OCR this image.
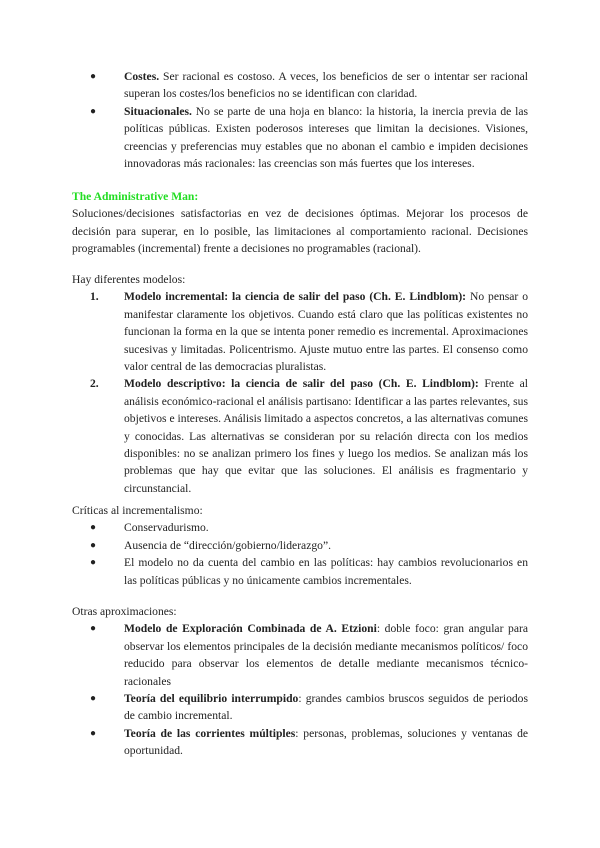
● Costes. Ser racional es costoso. A veces, los beneficios de ser o intentar ser racional superan los costes/los beneficios no se identifican con claridad.
● Situacionales. No se parte de una hoja en blanco: la historia, la inercia previa de las políticas públicas. Existen poderosos intereses que limitan la decisiones. Visiones, creencias y preferencias muy estables que no abonan el cambio e impiden decisiones innovadoras más racionales: las creencias son más fuertes que los intereses.

The Administrative Man:

Soluciones/decisiones satisfactorias en vez de decisiones óptimas. Mejorar los procesos de decisión para superar, en lo posible, las limitaciones al comportamiento racional. Decisiones programables (incremental) frente a decisiones no programables (racional).

Hay diferentes modelos:

1. Modelo incremental: la ciencia de salir del paso (Ch. E. Lindblom): No pensar o manifestar claramente los objetivos. Cuando está claro que las políticas existentes no funcionan la forma en la que se intenta poner remedio es incremental. Aproximaciones sucesivas y limitadas. Policentrismo. Ajuste mutuo entre las partes. El consenso como valor central de las democracias pluralistas.
2. Modelo descriptivo: la ciencia de salir del paso (Ch. E. Lindblom): Frente al análisis económico-racional el análisis partisano: Identificar a las partes relevantes, sus objetivos e intereses. Análisis limitado a aspectos concretos, a las alternativas comunes y conocidas. Las alternativas se consideran por su relación directa con los medios disponibles: no se analizan primero los fines y luego los medios. Se analizan más los problemas que hay que evitar que las soluciones. El análisis es fragmentario y circunstancial.

Críticas al incrementalismo:

● Conservadurismo.
● Ausencia de “dirección/gobierno/liderazgo”.
● El modelo no da cuenta del cambio en las políticas: hay cambios revolucionarios en las políticas públicas y no únicamente cambios incrementales.

Otras aproximaciones:

● Modelo de Exploración Combinada de A. Etzioni: doble foco: gran angular para observar los elementos principales de la decisión mediante mecanismos políticos/ foco reducido para observar los elementos de detalle mediante mecanismos técnico-racionales
● Teoría del equilibrio interrumpido: grandes cambios bruscos seguidos de periodos de cambio incremental.
● Teoría de las corrientes múltiples: personas, problemas, soluciones y ventanas de oportunidad.
